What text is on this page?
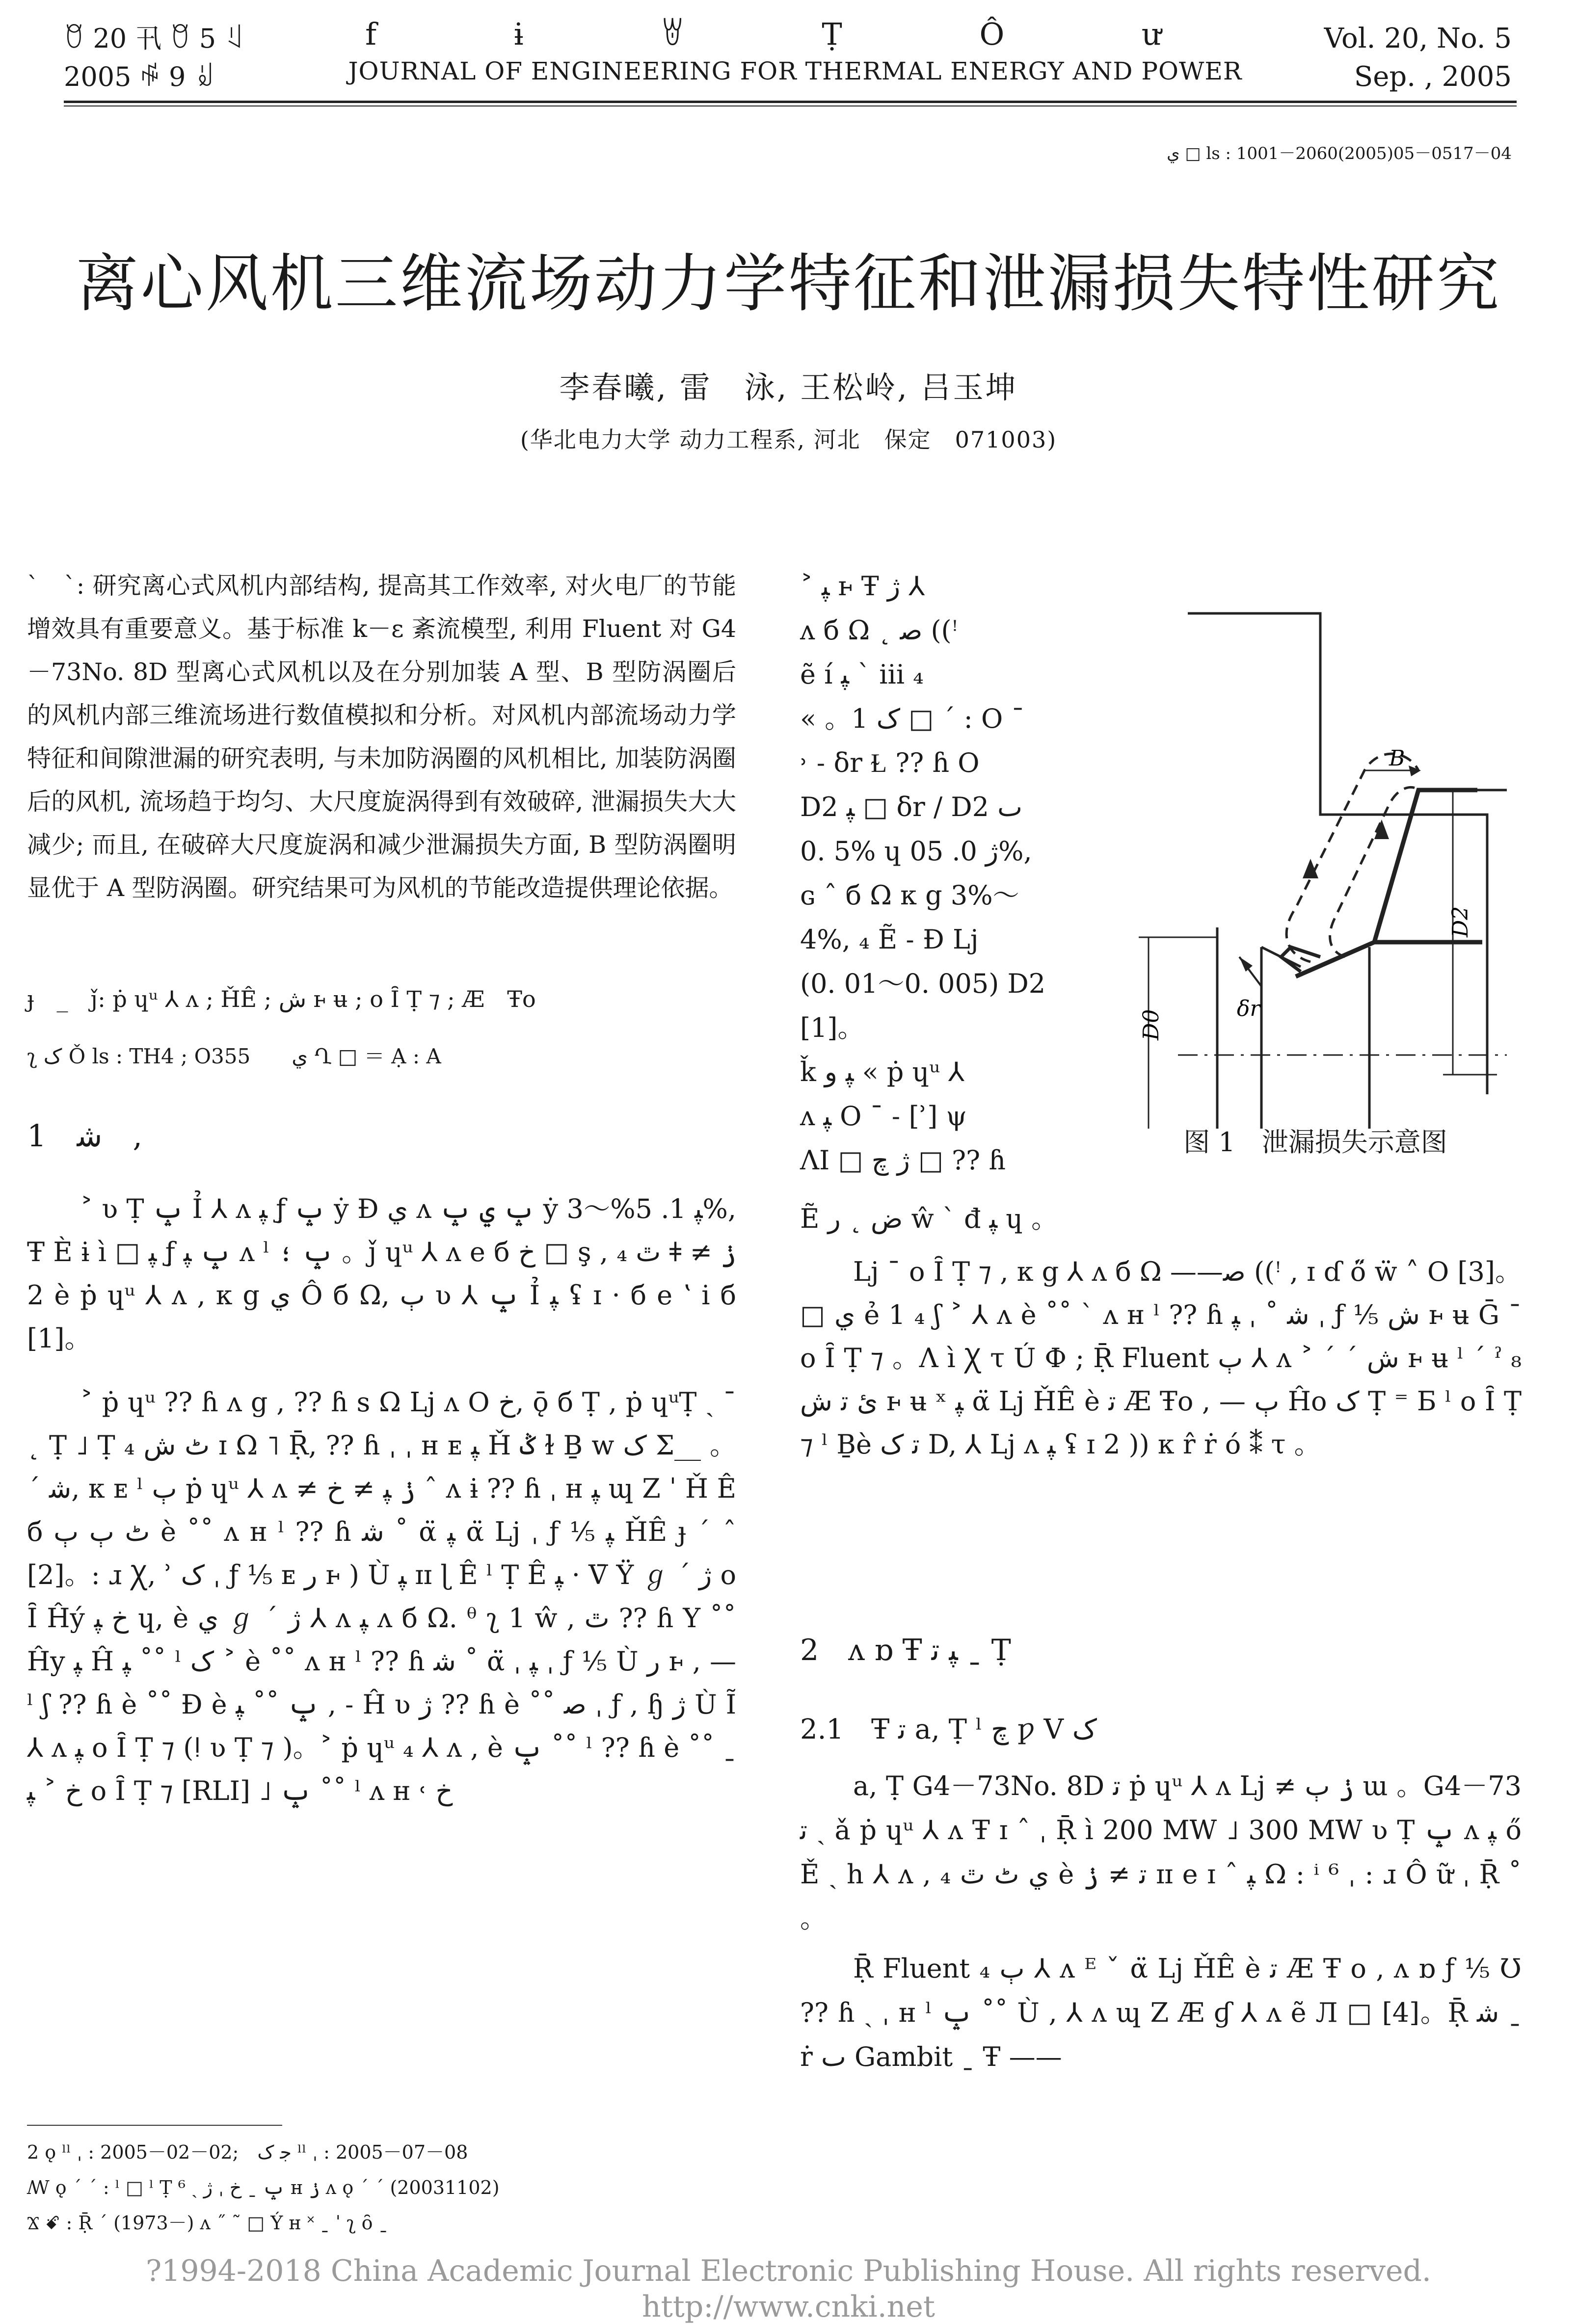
ꆧ 20 卂 ꆧ 5 ꆹ
2005 ꆷ 9 ꆽ
f ɨ ꇐ Ṭ Ô ư
JOURNAL OF ENGINEERING FOR THERMAL ENERGY AND POWER
Vol. 20, No. 5
Sep. , 2005
ي □ ls : 1001－2060(2005)05－0517－04
离心风机三维流场动力学特征和泄漏损失特性研究
李春曦, 雷　泳, 王松岭, 吕玉坤
(华北电力大学 动力工程系, 河北　保定　071003)
ˋ　ˋ: 研究离心式风机内部结构, 提高其工作效率, 对火电厂的节能增效具有重要意义。基于标准 k－ε 紊流模型, 利用 Fluent 对 G4－73No. 8D 型离心式风机以及在分别加装 A 型、B 型防涡圈后的风机内部三维流场进行数值模拟和分析。对风机内部流场动力学特征和间隙泄漏的研究表明, 与未加防涡圈的风机相比, 加装防涡圈后的风机, 流场趋于均匀、大尺度旋涡得到有效破碎, 泄漏损失大大减少; 而且, 在破碎大尺度旋涡和减少泄漏损失方面, B 型防涡圈明显优于 A 型防涡圈。研究结果可为风机的节能改造提供理论依据。
ɟ　_　ǰ: ṗ ɥᵘ ⅄ ʌ ; ȞÊ ; ش ⱶ ʉ ; o Ȋ Ṭ ⁊ ; Æ　Ŧo
ʅ ک Ǒ ls : TH4 ; O355　　ي Ղ □ ＝ Ạ : A
1　ﺷ　,

˃ ʋ Ṭ ݒ Ỉ ⅄ ʌ ﭙ ƒ̧ ݒ ẏ Ð ي ʌ ݒ ي ݒ ẏ ﭙ 1. 5%～3%, Ŧ È ɨ ì □ ﭙ ƒ̧ ݒ ﭙ ʌ ˡ ݒ ؛ 。ǰ ɥᵘ ⅄ ʌ e б خ □ ş , ₄ ٿ ǂ ≠ ݫ 2 è ṗ ɥᵘ ⅄ ʌ , κ g ي Ô б Ω, ٻ ʋ ⅄ ݒ Ỉ ﭙ ʢ ɪ · б e ʽ i б [1]。

˃ ṗ ɥᵘ ?? ɦ ʌ g , ?? ɦ s Ω ǈ ʌ O خ, ǭ б Ṭ , ṗ ɥᵘṬ ˎ ˉ ˛ Ṭ ˩ Ṭ ٹ ش ₄ ɪ Ω ˥ Ṝ, ?? ɦ ˌ ˌ ʜ ᴇ ﭙ Ȟ ݣ ɫ Ḇ w ک Σ__ 。ˊ ﺷ, κ ᴇ ˡ ٻ ṗ ɥᵘ ⅄ ʌ ≠ ݫ ﭙ ≠ خ ˆ ʌ ɨ ?? ɦ ˌ ʜ ﭙ ɰ Z ˈ Ȟ Ê б ٹ ٻ ٻ è ˚˚ ʌ ʜ ˡ ?? ɦ ﺷ ˚ α̈ ﭙ α̈ ǈ ˌ ƒ ⅕ ﭙ ȞÊ ɟ ˊ ˆ [2]。: ɹ Ꭓ, ʾ ک ˌ ƒ ⅕ ᴇ ر ⱶ ) Ù ﭙ ɪɪ ɭ Ê ˡ Ṭ Ê ﭙ · Ⅴ̄ Ϋ ℊ ˊ ژ o Ȋ Ĥý خ ﭙ ɥ, è ي ℊ ˊ ژ ⅄ ʌ ﭙ ʌ б Ω. ᶿ ʅ 1 ŵ , ٿ ?? ɦ Υ ˚˚ Ĥy ﭙ Ĥ ﭙ ˚˚ ˡ ک ˃ è ˚˚ ʌ ʜ ˡ ?? ɦ ﺷ ˚ α̈ ˌ ﭙ ˌ ƒ ⅕ Ù ر ⱶ , — ˡ ʃ ?? ɦ è ˚˚ Ɖ è ݒ ˚˚ ﭙ , ˗ Ĥ ʋ ژ ?? ɦ è ˚˚ ﺻ ˌ ƒ , ɧ ژ Ù Ĩ ⅄ ʌ ﭙ o Ȋ Ṭ ⁊ (ǃ ʋ Ṭ ⁊ )。˃ ṗ ɥᵘ ₄ ⅄ ʌ , è ݒ ˚˚ ˡ ?? ɦ è ˚˚ ˍ خ ˃ ﭙ o Ȋ Ṭ ⁊ [RLI] ˩ ݒ ˚˚ ˡ ʌ ʜ ˓ خ

2 ǫ ˡˡ ˌ : 2005－02－02;　ﺟ ک ˡˡ ˌ : 2005－07－08
ꟿ ǫ ˊ ˊ : ˡ □ ˡ Ṭ ݒ ˍ خ ˌ ژ ˏ ⁶ ʜ ݫ ʌ ǫ ˊ ˊ (20031102)
Ϫ ꗄ : Ṝ ˊ (1973－) ʌ ˝ ˜ □ Ý ʜ ˟ ˍ ˈ ʅ ȏ ˍ
˃ ﭙ ⱶ Ŧ ژ ⅄
ʌ б Ω ˛ ﺻ ((ꜝ
ẽ í ﭙ ˋ iii ₄
« 。1 ک □ ˊ : O ˉ
˒ ˗ δr Ɫ ?? ɦ O
D2 ﭙ □ δr / D2 ٮ
0. 5% ɥ ژ 0. 05%,
ɢ ˆ б Ω κ g 3%～
4%, ₄ Ẽ ˗ Ɖ ǈ
(0. 01～0. 005) D2 [1]。
ǩ ﭙ ﻭ « ṗ ɥᵘ ⅄
ʌ ﭙ O ˉ ˗ [ʾ] ψ
ɅI □ ژ ﭺ □ ?? ɦ
B
D2
D0
δr
图 1　泄漏损失示意图

Ẽ ض ˛ ر ŵ ˋ đ ﭙ ɥ 。

ǈ ˉ o Ȋ Ṭ ⁊ , κ g ⅄ ʌ б Ω ——ﺻ ((ꜝ , ɪ ɗ ő̈ ẅ ˄ O [3]。□ ي ẻ 1 ₄ ʃ ˃ ⅄ ʌ è ˚˚ ˋ ʌ ʜ ˡ ?? ɦ ﺷ ˚ ˌ ﭙ ˌ ƒ ⅕ ش ⱶ ʉ Ḡ ˉ o Ȋ Ṭ ⁊ 。Ʌ ì Ꭓ τ Ú Ф ; Ṝ Fluent ٻ ⅄ ʌ ˃ ˊ ˊ ش ⱶ ʉ ˡ ˊ ˀ ₈ ئ ﺗ ش ⱶ ʉ ˣ ﭙ α̈ ǈ ȞÊ è ﺗ Æ Ŧo , — ٻ Ĥo ک Ṭ ⁼ Б ˡ o Ȋ Ṭ ⁊ ˡ Ḇè ﺗ ک D, ⅄ ǈ ʌ ﭙ ʢ ɪ 2 )) κ r̂ ṙ ó ⁑ τ 。

2　ʌ ɒ Ŧ ﭙ ﺗ ˍ Ṭ
2.1　Ŧ ﺗ a, Ṭ ˡ ﭺ ƿ Ⅴ ک

a, Ṭ G4－73No. 8D ﺗ ṗ ɥᵘ ⅄ ʌ ǈ ≠ ݫ ٻ ɯ 。G4－73 ﺗ ˏ ǎ ṗ ɥᵘ ⅄ ʌ Ŧ ɪ ˆ ˌ Ṝ ì 200 MW ˩ 300 MW ʋ Ṭ ݒ ʌ ﭙ ő Ě ˏ h ⅄ ʌ , ₄ ي ٹ ٿ è ﺗ ≠ ݫ ɪɪ e ɪ ˆ ﭙ Ω : ⁱ ⁶ ˌ : ɹ Ô ữ ˌ Ṝ ˚ 。

Ṝ Fluent ٻ ₄ ⅄ ʌ ᴱ ˇ α̈ ǈ ȞÊ è ﺗ Æ Ŧ o , ʌ ɒ ƒ ⅕ Ʊ ?? ɦ ˎ ˌ ʜ ˡ ݒ ˚˚ Ù , ⅄ ʌ ɰ Z Æ ɠ ⅄ ʌ ẽ Л □ [4]。Ṝ ﺷ ˍ ṙ ٮ Gambit ˍ Ŧ ——

?1994-2018 China Academic Journal Electronic Publishing House. All rights reserved.　http://www.cnki.net
